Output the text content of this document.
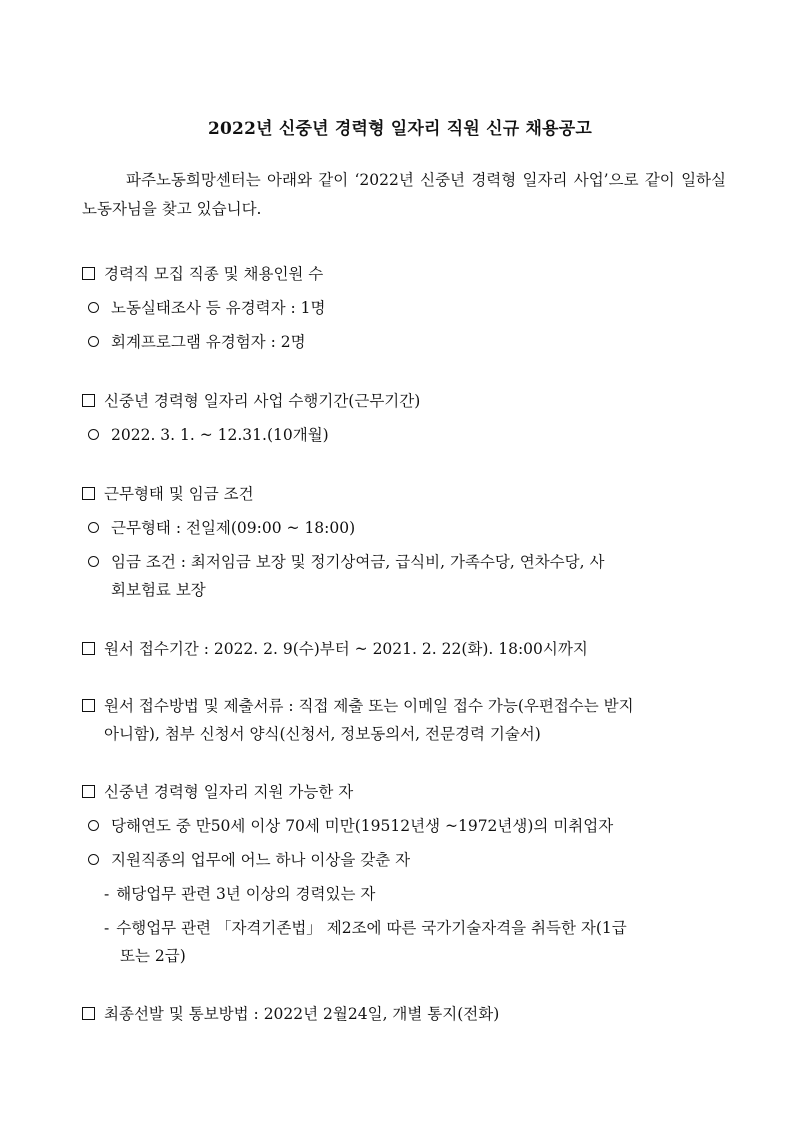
2022년 신중년 경력형 일자리 직원 신규 채용공고
파주노동희망센터는 아래와 같이 ‘2022년 신중년 경력형 일자리 사업’으로 같이 일하실 노동자님을 찾고 있습니다.
경력직 모집 직종 및 채용인원 수
노동실태조사 등 유경력자 : 1명
회계프로그램 유경험자 : 2명
신중년 경력형 일자리 사업 수행기간(근무기간)
2022. 3. 1. ~ 12.31.(10개월)
근무형태 및 임금 조건
근무형태 : 전일제(09:00 ~ 18:00)
임금 조건 : 최저임금 보장 및 정기상여금, 급식비, 가족수당, 연차수당, 사
회보험료 보장
원서 접수기간 : 2022. 2. 9(수)부터 ~ 2021. 2. 22(화). 18:00시까지
원서 접수방법 및 제출서류 : 직접 제출 또는 이메일 접수 가능(우편접수는 받지
아니함), 첨부 신청서 양식(신청서, 정보동의서, 전문경력 기술서)
신중년 경력형 일자리 지원 가능한 자
당해연도 중 만50세 이상 70세 미만(19512년생 ~1972년생)의 미취업자
지원직종의 업무에 어느 하나 이상을 갖춘 자
- 해당업무 관련 3년 이상의 경력있는 자
- 수행업무 관련 「자격기존법」 제2조에 따른 국가기술자격을 취득한 자(1급
또는 2급)
최종선발 및 통보방법 : 2022년 2월24일, 개별 통지(전화)
